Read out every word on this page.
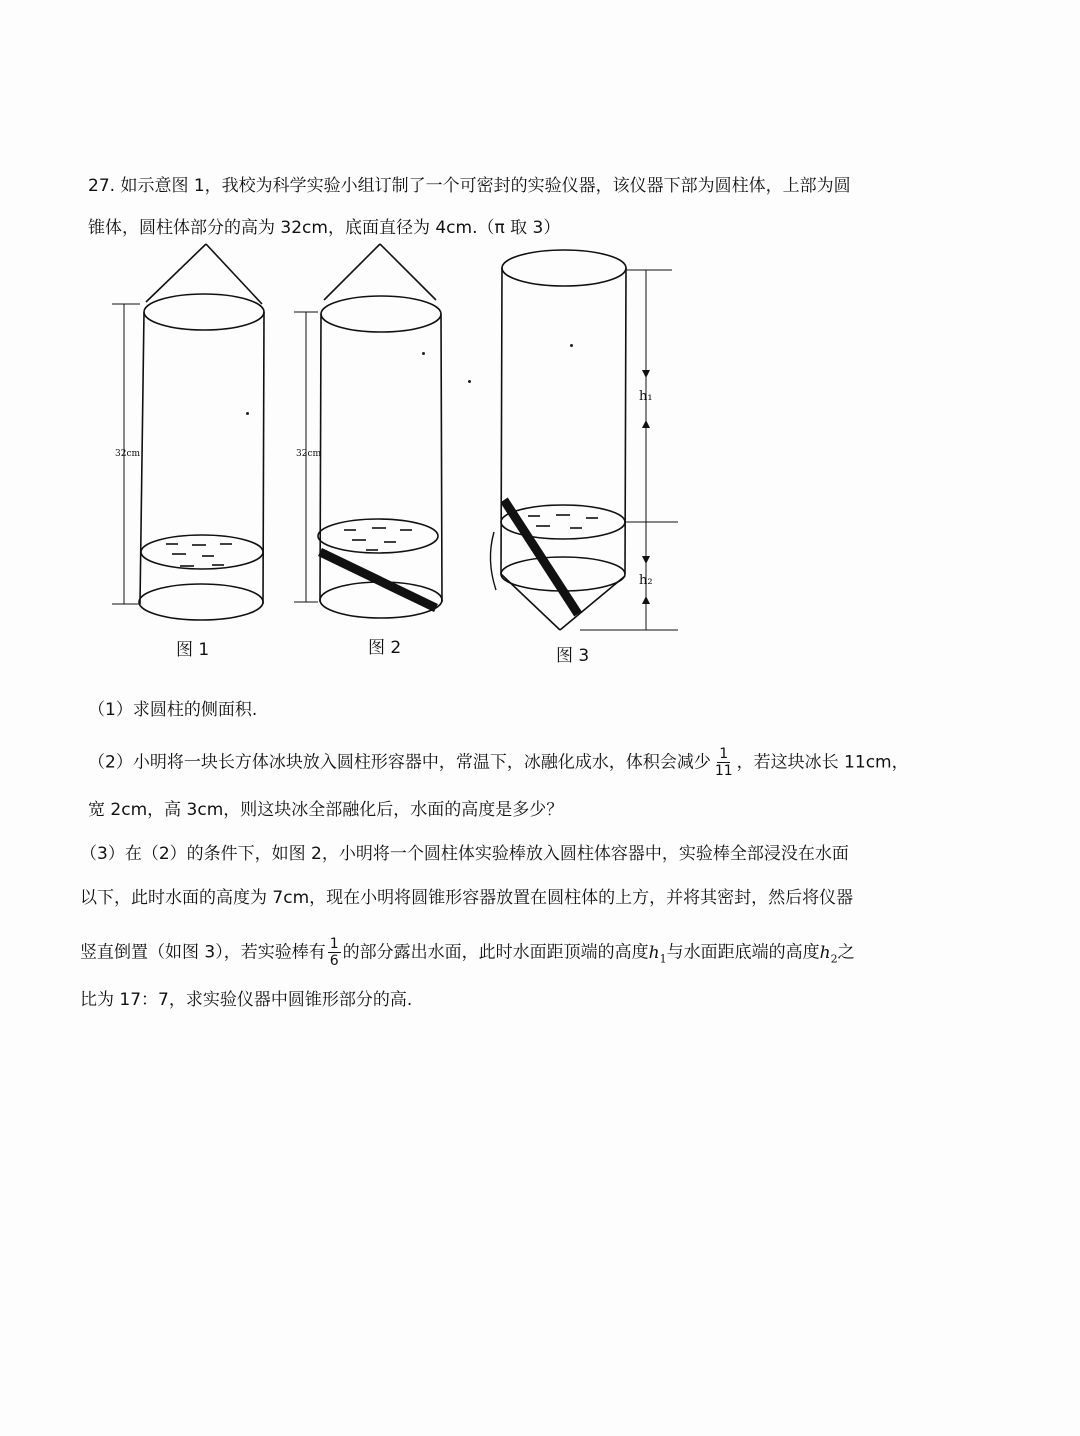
27. 如示意图 1，我校为科学实验小组订制了一个可密封的实验仪器，该仪器下部为圆柱体，上部为圆
锥体，圆柱体部分的高为 32cm，底面直径为 4cm.（π 取 3）
32cm	32cm
h₁
h₂
图 1	图 2	图 3
（1）求圆柱的侧面积.
（2）小明将一块长方体冰块放入圆柱形容器中，常温下，冰融化成水，体积会减少 $\frac{1}{11}$ ，若这块冰长 11cm，
宽 2cm，高 3cm，则这块冰全部融化后，水面的高度是多少？
（3）在（2）的条件下，如图 2，小明将一个圆柱体实验棒放入圆柱体容器中，实验棒全部浸没在水面
以下，此时水面的高度为 7cm，现在小明将圆锥形容器放置在圆柱体的上方，并将其密封，然后将仪器
竖直倒置（如图 3），若实验棒有 $\frac{1}{6}$ 的部分露出水面，此时水面距顶端的高度$h_1$与水面距底端的高度$h_2$之
比为 17：7，求实验仪器中圆锥形部分的高.
